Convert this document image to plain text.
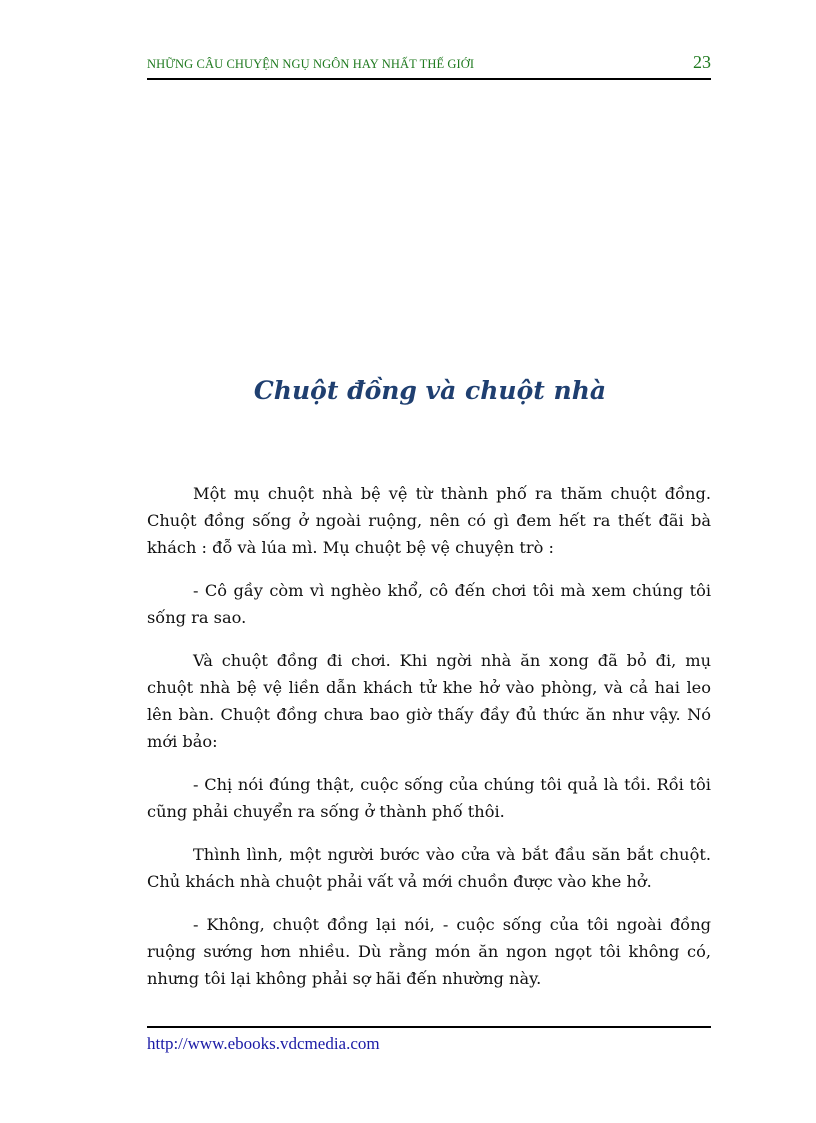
NHỮNG CÂU CHUYỆN NGỤ NGÔN HAY NHẤT THẾ GIỚI	23
Chuột đồng và chuột nhà

Một mụ chuột nhà bệ vệ từ thành phố ra thăm chuột đồng. Chuột đồng sống ở ngoài ruộng, nên có gì đem hết ra thết đãi bà khách : đỗ và lúa mì. Mụ chuột bệ vệ chuyện trò :

- Cô gầy còm vì nghèo khổ, cô đến chơi tôi mà xem chúng tôi sống ra sao.

Và chuột đồng đi chơi. Khi ngời nhà ăn xong đã bỏ đi, mụ chuột nhà bệ vệ liền dẫn khách tử khe hở vào phòng, và cả hai leo lên bàn. Chuột đồng chưa bao giờ thấy đầy đủ thức ăn như vậy. Nó mới bảo:

- Chị nói đúng thật, cuộc sống của chúng tôi quả là tồi. Rồi tôi cũng phải chuyển ra sống ở thành phố thôi.

Thình lình, một người bước vào cửa và bắt đầu săn bắt chuột. Chủ khách nhà chuột phải vất vả mới chuồn được vào khe hở.

- Không, chuột đồng lại nói, - cuộc sống của tôi ngoài đồng ruộng sướng hơn nhiều. Dù rằng món ăn ngon ngọt tôi không có, nhưng tôi lại không phải sợ hãi đến nhường này.

http://www.ebooks.vdcmedia.com
